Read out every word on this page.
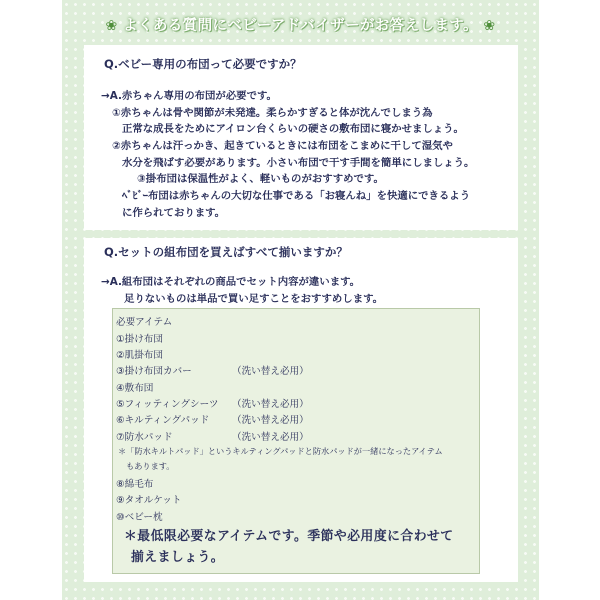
❀ よくある質問にベビーアドバイザーがお答えします。 ❀
Q.ベビー専用の布団って必要ですか？
→A.赤ちゃん専用の布団が必要です。
①赤ちゃんは骨や関節が未発達。柔らかすぎると体が沈んでしまう為
正常な成長をためにアイロン台くらいの硬さの敷布団に寝かせましょう。
②赤ちゃんは汗っかき、起きているときには布団をこまめに干して湿気や
水分を飛ばす必要があります。小さい布団で干す手間を簡単にしましょう。
③掛布団は保温性がよく、軽いものがおすすめです。
ﾍﾞﾋﾞｰ布団は赤ちゃんの大切な仕事である「お寝んね」を快適にできるよう
に作られております。
Q.セットの組布団を買えばすべて揃いますか？
→A.組布団はそれぞれの商品でセット内容が違います。
足りないものは単品で買い足すことをおすすめします。
必要アイテム
①掛け布団
②肌掛布団
③掛け布団カバー	（洗い替え必用）
④敷布団
⑤フィッティングシーツ （洗い替え必用）
⑥キルティングパッド （洗い替え必用）
⑦防水パッド	（洗い替え必用）
＊「防水キルトパッド」というキルティングパッドと防水パッドが一緒になったアイテム
もあります。
⑧綿毛布
⑨タオルケット
⑩ベビー枕
＊最低限必要なアイテムです。季節や必用度に合わせて
揃えましょう。
